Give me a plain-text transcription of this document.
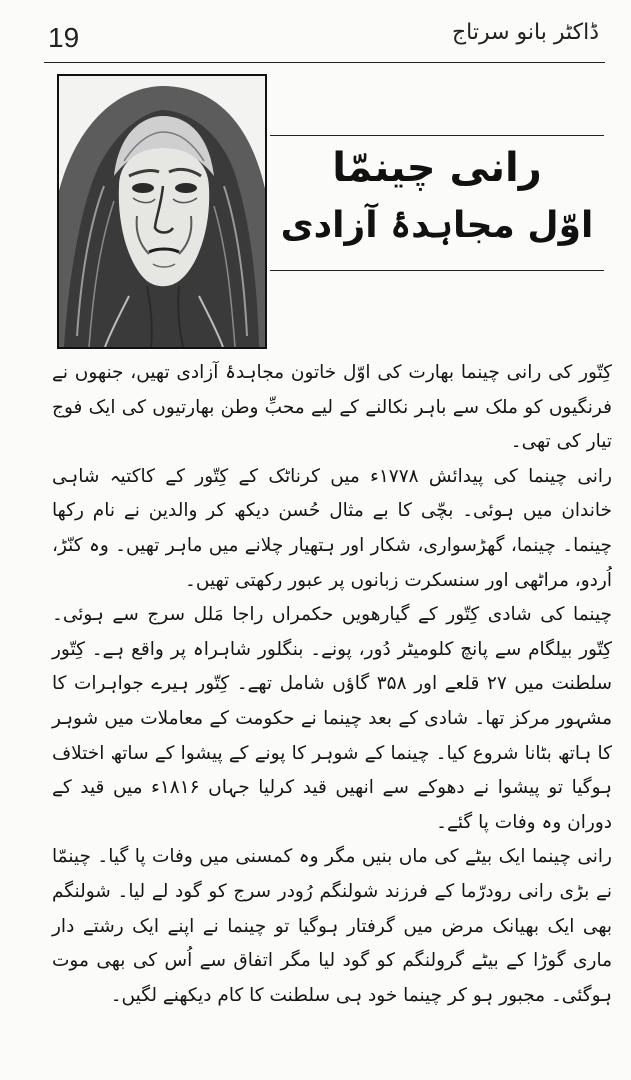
19	ڈاکٹر بانو سرتاج
رانی چینمّا
اوّل مجاہدۂ آزادی

کِتّور کی رانی چینما بھارت کی اوّل خاتون مجاہدۂ آزادی تھیں، جنھوں نے فرنگیوں کو ملک سے باہر نکالنے کے لیے محبِّ وطن بھارتیوں کی ایک فوج تیار کی تھی۔

رانی چینما کی پیدائش ۱۷۷۸ء میں کرناٹک کے کِتّور کے کاکتیہ شاہی خاندان میں ہوئی۔ بچّی کا بے مثال حُسن دیکھ کر والدین نے نام رکھا چینما۔ چینما، گھڑسواری، شکار اور ہتھیار چلانے میں ماہر تھیں۔ وہ کنّڑ، اُردو، مراٹھی اور سنسکرت زبانوں پر عبور رکھتی تھیں۔

چینما کی شادی کِتّور کے گیارھویں حکمراں راجا مَلل سرج سے ہوئی۔ کِتّور بیلگام سے پانچ کلومیٹر دُور، پونے۔ بنگلور شاہراہ پر واقع ہے۔ کِتّور سلطنت میں ۲۷ قلعے اور ۳۵۸ گاؤں شامل تھے۔ کِتّور ہیرے جواہرات کا مشہور مرکز تھا۔ شادی کے بعد چینما نے حکومت کے معاملات میں شوہر کا ہاتھ بٹانا شروع کیا۔ چینما کے شوہر کا پونے کے پیشوا کے ساتھ اختلاف ہوگیا تو پیشوا نے دھوکے سے انھیں قید کرلیا جہاں ۱۸۱۶ء میں قید کے دوران وہ وفات پا گئے۔

رانی چینما ایک بیٹے کی ماں بنیں مگر وہ کمسنی میں وفات پا گیا۔ چینمّا نے بڑی رانی رودرّما کے فرزند شولنگم رُودر سرج کو گود لے لیا۔ شولنگم بھی ایک بھیانک مرض میں گرفتار ہوگیا تو چینما نے اپنے ایک رشتے دار ماری گوڑا کے بیٹے گرولنگم کو گود لیا مگر اتفاق سے اُس کی بھی موت ہوگئی۔ مجبور ہو کر چینما خود ہی سلطنت کا کام دیکھنے لگیں۔
